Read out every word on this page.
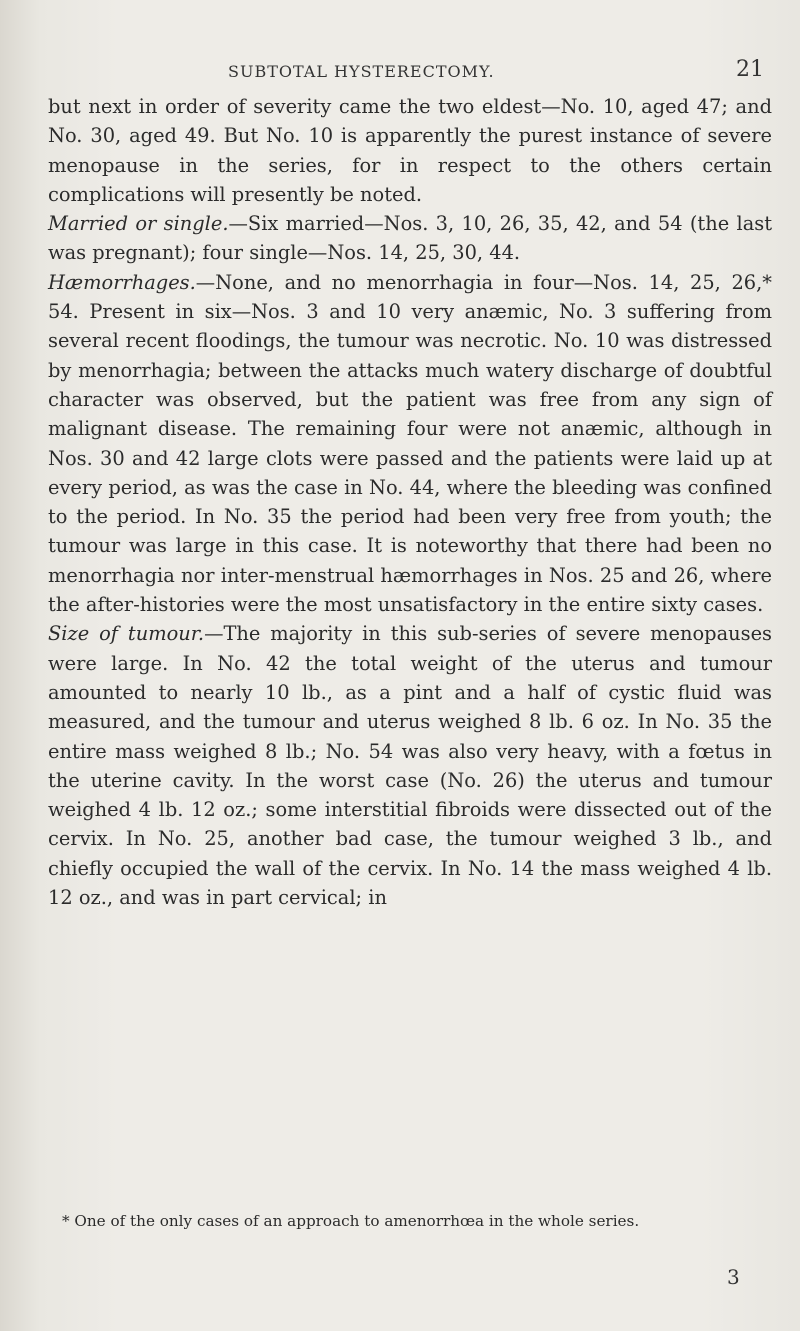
SUBTOTAL HYSTERECTOMY.	21

but next in order of severity came the two eldest—No. 10, aged 47; and No. 30, aged 49. But No. 10 is apparently the purest instance of severe menopause in the series, for in respect to the others certain complications will presently be noted.

Married or single.—Six married—Nos. 3, 10, 26, 35, 42, and 54 (the last was pregnant); four single—Nos. 14, 25, 30, 44.

Hæmorrhages.—None, and no menorrhagia in four—Nos. 14, 25, 26,* 54. Present in six—Nos. 3 and 10 very anæmic, No. 3 suffering from several recent floodings, the tumour was necrotic. No. 10 was distressed by menorrhagia; between the attacks much watery discharge of doubtful character was observed, but the patient was free from any sign of malignant disease. The remaining four were not anæmic, although in Nos. 30 and 42 large clots were passed and the patients were laid up at every period, as was the case in No. 44, where the bleeding was confined to the period. In No. 35 the period had been very free from youth; the tumour was large in this case. It is noteworthy that there had been no menorrhagia nor inter-menstrual hæmorrhages in Nos. 25 and 26, where the after-histories were the most unsatisfactory in the entire sixty cases.

Size of tumour.—The majority in this sub-series of severe menopauses were large. In No. 42 the total weight of the uterus and tumour amounted to nearly 10 lb., as a pint and a half of cystic fluid was measured, and the tumour and uterus weighed 8 lb. 6 oz. In No. 35 the entire mass weighed 8 lb.; No. 54 was also very heavy, with a fœtus in the uterine cavity. In the worst case (No. 26) the uterus and tumour weighed 4 lb. 12 oz.; some interstitial fibroids were dissected out of the cervix. In No. 25, another bad case, the tumour weighed 3 lb., and chiefly occupied the wall of the cervix. In No. 14 the mass weighed 4 lb. 12 oz., and was in part cervical; in

* One of the only cases of an approach to amenorrhœa in the whole series.
3
